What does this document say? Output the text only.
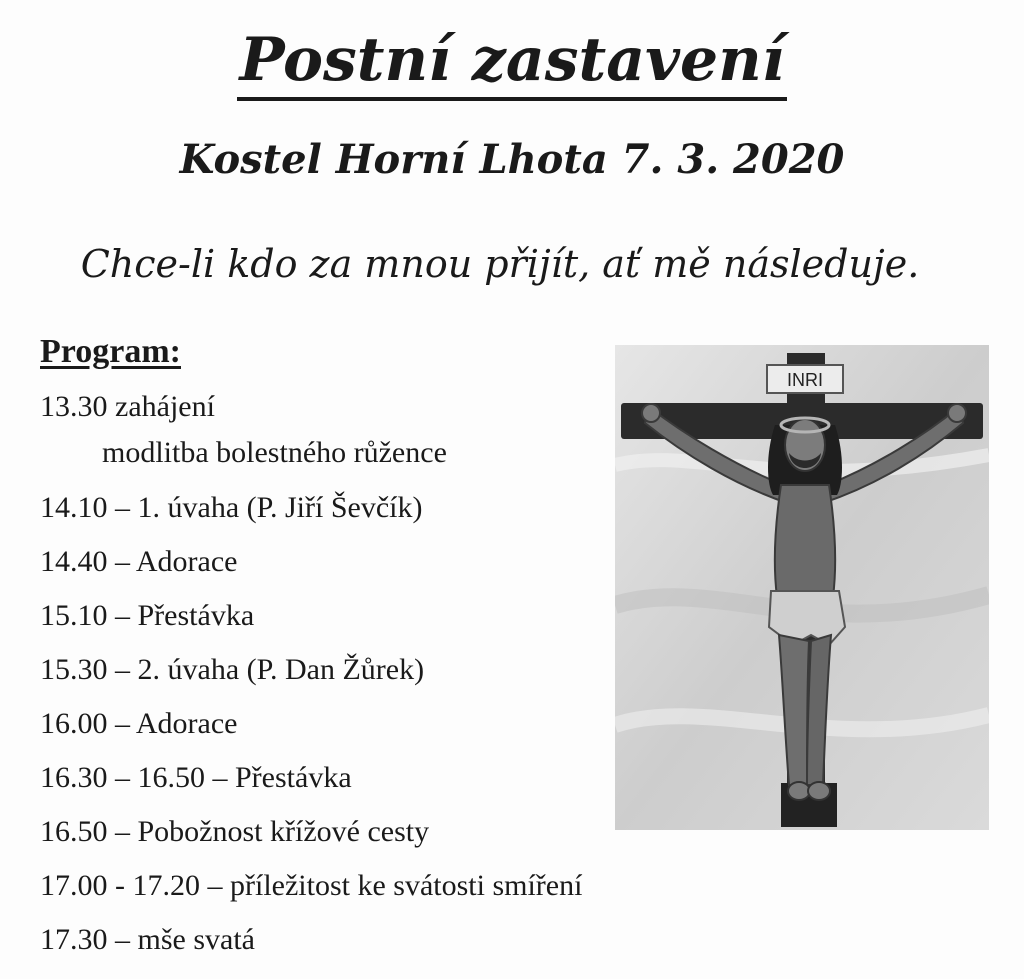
Postní zastavení
Kostel Horní Lhota 7. 3. 2020

Chce-li kdo za mnou přijít, ať mě následuje.

Program:
13.30 zahájení
modlitba bolestného růžence
14.10 – 1. úvaha (P. Jiří Ševčík)
14.40 – Adorace
15.10 – Přestávka
15.30 – 2. úvaha (P. Dan Žůrek)
16.00 – Adorace
16.30 – 16.50 – Přestávka
16.50 – Pobožnost křížové cesty
17.00 - 17.20 – příležitost ke svátosti smíření
17.30 – mše svatá
INRI
